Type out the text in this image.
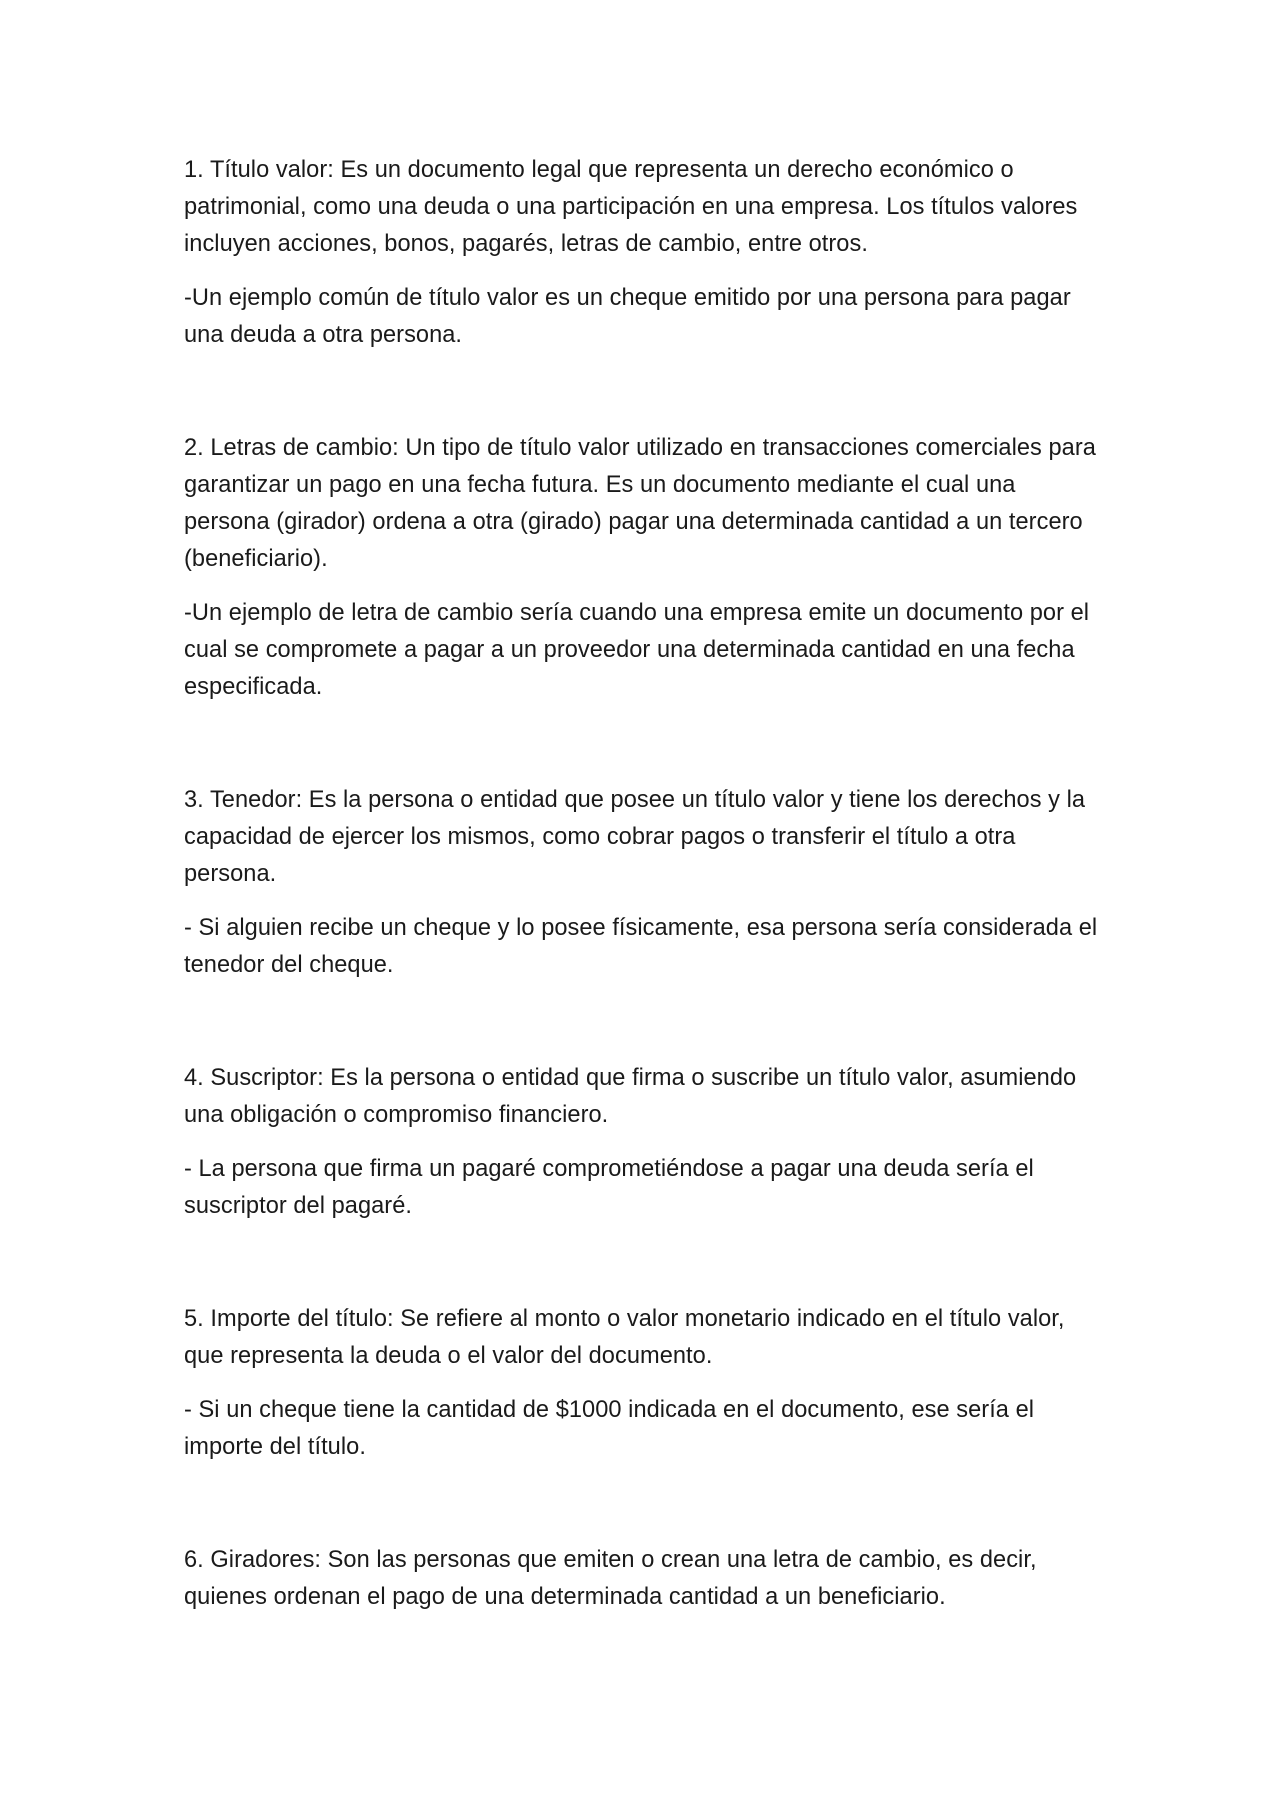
1. Título valor: Es un documento legal que representa un derecho económico o patrimonial, como una deuda o una participación en una empresa. Los títulos valores incluyen acciones, bonos, pagarés, letras de cambio, entre otros.

-Un ejemplo común de título valor es un cheque emitido por una persona para pagar una deuda a otra persona.

2. Letras de cambio: Un tipo de título valor utilizado en transacciones comerciales para garantizar un pago en una fecha futura. Es un documento mediante el cual una persona (girador) ordena a otra (girado) pagar una determinada cantidad a un tercero (beneficiario).

-Un ejemplo de letra de cambio sería cuando una empresa emite un documento por el cual se compromete a pagar a un proveedor una determinada cantidad en una fecha especificada.

3. Tenedor: Es la persona o entidad que posee un título valor y tiene los derechos y la capacidad de ejercer los mismos, como cobrar pagos o transferir el título a otra persona.

- Si alguien recibe un cheque y lo posee físicamente, esa persona sería considerada el tenedor del cheque.

4. Suscriptor: Es la persona o entidad que firma o suscribe un título valor, asumiendo una obligación o compromiso financiero.

- La persona que firma un pagaré comprometiéndose a pagar una deuda sería el suscriptor del pagaré.

5. Importe del título: Se refiere al monto o valor monetario indicado en el título valor, que representa la deuda o el valor del documento.

- Si un cheque tiene la cantidad de $1000 indicada en el documento, ese sería el importe del título.

6. Giradores: Son las personas que emiten o crean una letra de cambio, es decir, quienes ordenan el pago de una determinada cantidad a un beneficiario.
